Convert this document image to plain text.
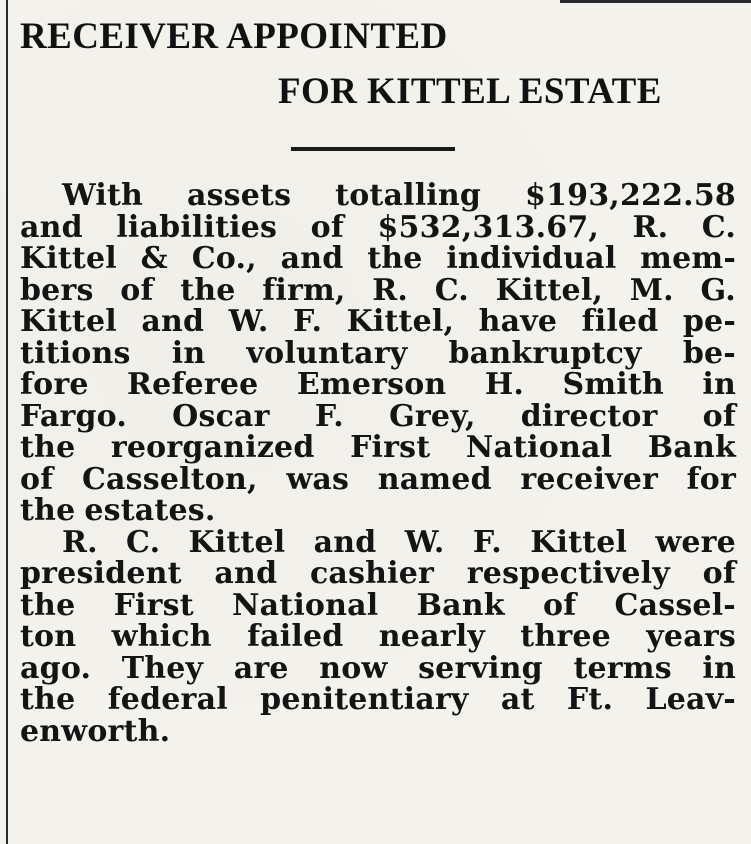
RECEIVER APPOINTED
FOR KITTEL ESTATE
With assets totalling $193,222.58
and liabilities of $532,313.67, R. C.
Kittel & Co., and the individual mem-
bers of the firm, R. C. Kittel, M. G.
Kittel and W. F. Kittel, have filed pe-
titions in voluntary bankruptcy be-
fore Referee Emerson H. Smith in
Fargo. Oscar F. Grey, director of
the reorganized First National Bank
of Casselton, was named receiver for
the estates.
R. C. Kittel and W. F. Kittel were
president and cashier respectively of
the First National Bank of Cassel-
ton which failed nearly three years
ago. They are now serving terms in
the federal penitentiary at Ft. Leav-
enworth.
